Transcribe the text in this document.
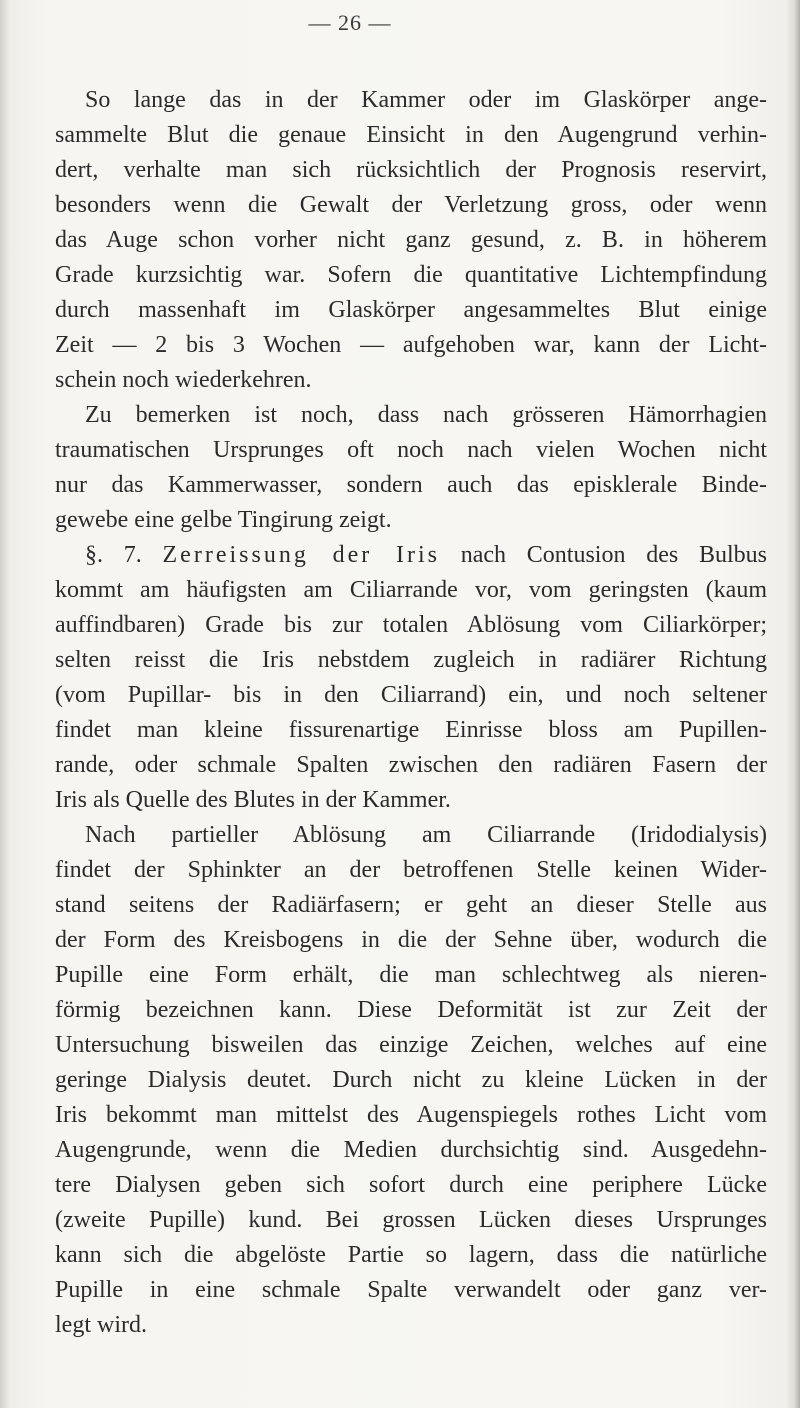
— 26 —
So lange das in der Kammer oder im Glaskörper ange-
sammelte Blut die genaue Einsicht in den Augengrund verhin-
dert, verhalte man sich rücksichtlich der Prognosis reservirt,
besonders wenn die Gewalt der Verletzung gross, oder wenn
das Auge schon vorher nicht ganz gesund, z. B. in höherem
Grade kurzsichtig war. Sofern die quantitative Lichtempfindung
durch massenhaft im Glaskörper angesammeltes Blut einige
Zeit — 2 bis 3 Wochen — aufgehoben war, kann der Licht-
schein noch wiederkehren.
Zu bemerken ist noch, dass nach grösseren Hämorrhagien
traumatischen Ursprunges oft noch nach vielen Wochen nicht
nur das Kammerwasser, sondern auch das episklerale Binde-
gewebe eine gelbe Tingirung zeigt.
§. 7. Zerreissung der Iris nach Contusion des Bulbus
kommt am häufigsten am Ciliarrande vor, vom geringsten (kaum
auffindbaren) Grade bis zur totalen Ablösung vom Ciliarkörper;
selten reisst die Iris nebstdem zugleich in radiärer Richtung
(vom Pupillar- bis in den Ciliarrand) ein, und noch seltener
findet man kleine fissurenartige Einrisse bloss am Pupillen-
rande, oder schmale Spalten zwischen den radiären Fasern der
Iris als Quelle des Blutes in der Kammer.
Nach partieller Ablösung am Ciliarrande (Iridodialysis)
findet der Sphinkter an der betroffenen Stelle keinen Wider-
stand seitens der Radiärfasern; er geht an dieser Stelle aus
der Form des Kreisbogens in die der Sehne über, wodurch die
Pupille eine Form erhält, die man schlechtweg als nieren-
förmig bezeichnen kann. Diese Deformität ist zur Zeit der
Untersuchung bisweilen das einzige Zeichen, welches auf eine
geringe Dialysis deutet. Durch nicht zu kleine Lücken in der
Iris bekommt man mittelst des Augenspiegels rothes Licht vom
Augengrunde, wenn die Medien durchsichtig sind. Ausgedehn-
tere Dialysen geben sich sofort durch eine periphere Lücke
(zweite Pupille) kund. Bei grossen Lücken dieses Ursprunges
kann sich die abgelöste Partie so lagern, dass die natürliche
Pupille in eine schmale Spalte verwandelt oder ganz ver-
legt wird.
